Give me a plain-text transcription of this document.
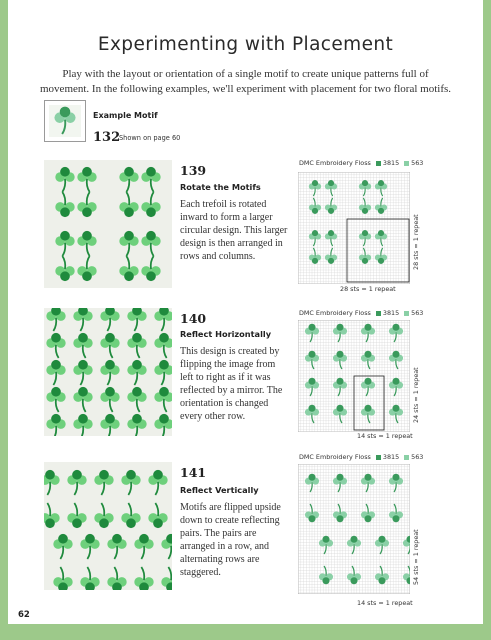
Experimenting with Placement
Play with the layout or orientation of a single motif to create unique patterns full of movement. In the following examples, we'll experiment with placement for two floral motifs.
Example Motif
132
Shown on page 60
139
Rotate the Motifs
Each trefoil is rotated inward to form a larger circular design. This larger design is then arranged in rows and columns.
DMC Embroidery Floss 3815 563
28 sts = 1 repeat
28 sts = 1 repeat
140
Reflect Horizontally
This design is created by flipping the image from left to right as if it was reflected by a mirror. The orientation is changed every other row.
DMC Embroidery Floss 3815 563
14 sts = 1 repeat
24 sts = 1 repeat
141
Reflect Vertically
Motifs are flipped upside down to create reflecting pairs. The pairs are arranged in a row, and alternating rows are staggered.
DMC Embroidery Floss 3815 563
14 sts = 1 repeat
54 sts = 1 repeat
62
